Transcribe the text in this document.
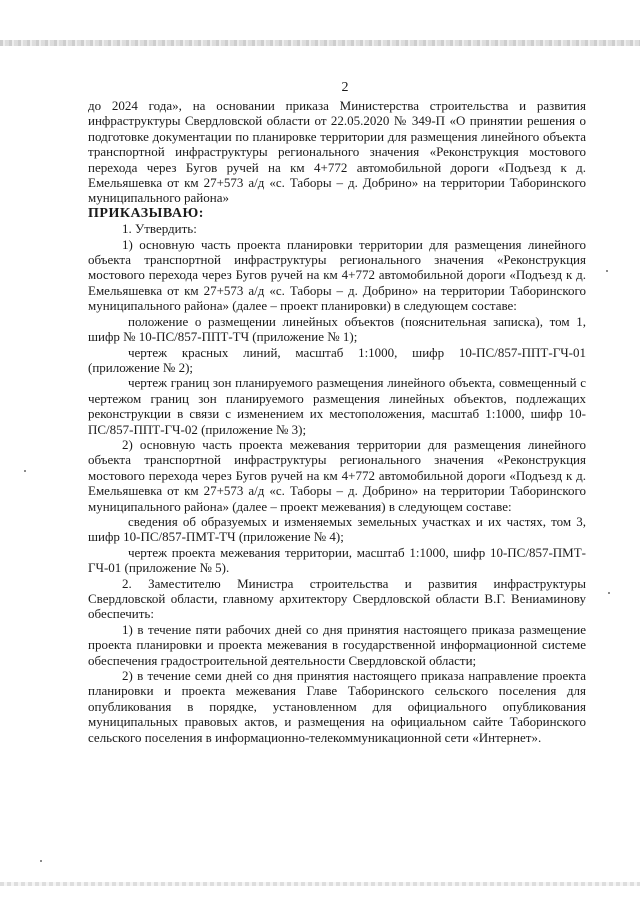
2

до 2024 года», на основании приказа Министерства строительства и развития инфраструктуры Свердловской области от 22.05.2020 № 349-П «О принятии решения о подготовке документации по планировке территории для размещения линейного объекта транспортной инфраструктуры регионального значения «Реконструкция мостового перехода через Бугов ручей на км 4+772 автомобильной дороги «Подъезд к д. Емельяшевка от км 27+573 а/д «с. Таборы – д. Добрино» на территории Таборинского муниципального района»

ПРИКАЗЫВАЮ:

1. Утвердить:

1) основную часть проекта планировки территории для размещения линейного объекта транспортной инфраструктуры регионального значения «Реконструкция мостового перехода через Бугов ручей на км 4+772 автомобильной дороги «Подъезд к д. Емельяшевка от км 27+573 а/д «с. Таборы – д. Добрино» на территории Таборинского муниципального района» (далее – проект планировки) в следующем составе:

положение о размещении линейных объектов (пояснительная записка), том 1, шифр № 10-ПС/857-ППТ-ТЧ (приложение № 1);

чертеж красных линий, масштаб 1:1000, шифр 10-ПС/857-ППТ-ГЧ-01 (приложение № 2);

чертеж границ зон планируемого размещения линейного объекта, совмещенный с чертежом границ зон планируемого размещения линейных объектов, подлежащих реконструкции в связи с изменением их местоположения, масштаб 1:1000, шифр 10-ПС/857-ППТ-ГЧ-02 (приложение № 3);

2) основную часть проекта межевания территории для размещения линейного объекта транспортной инфраструктуры регионального значения «Реконструкция мостового перехода через Бугов ручей на км 4+772 автомобильной дороги «Подъезд к д. Емельяшевка от км 27+573 а/д «с. Таборы – д. Добрино» на территории Таборинского муниципального района» (далее – проект межевания) в следующем составе:

сведения об образуемых и изменяемых земельных участках и их частях, том 3, шифр 10-ПС/857-ПМТ-ТЧ (приложение № 4);

чертеж проекта межевания территории, масштаб 1:1000, шифр 10-ПС/857-ПМТ-ГЧ-01 (приложение № 5).

2. Заместителю Министра строительства и развития инфраструктуры Свердловской области, главному архитектору Свердловской области В.Г. Вениаминову обеспечить:

1) в течение пяти рабочих дней со дня принятия настоящего приказа размещение проекта планировки и проекта межевания в государственной информационной системе обеспечения градостроительной деятельности Свердловской области;

2) в течение семи дней со дня принятия настоящего приказа направление проекта планировки и проекта межевания Главе Таборинского сельского поселения для опубликования в порядке, установленном для официального опубликования муниципальных правовых актов, и размещения на официальном сайте Таборинского сельского поселения в информационно-телекоммуникационной сети «Интернет».
